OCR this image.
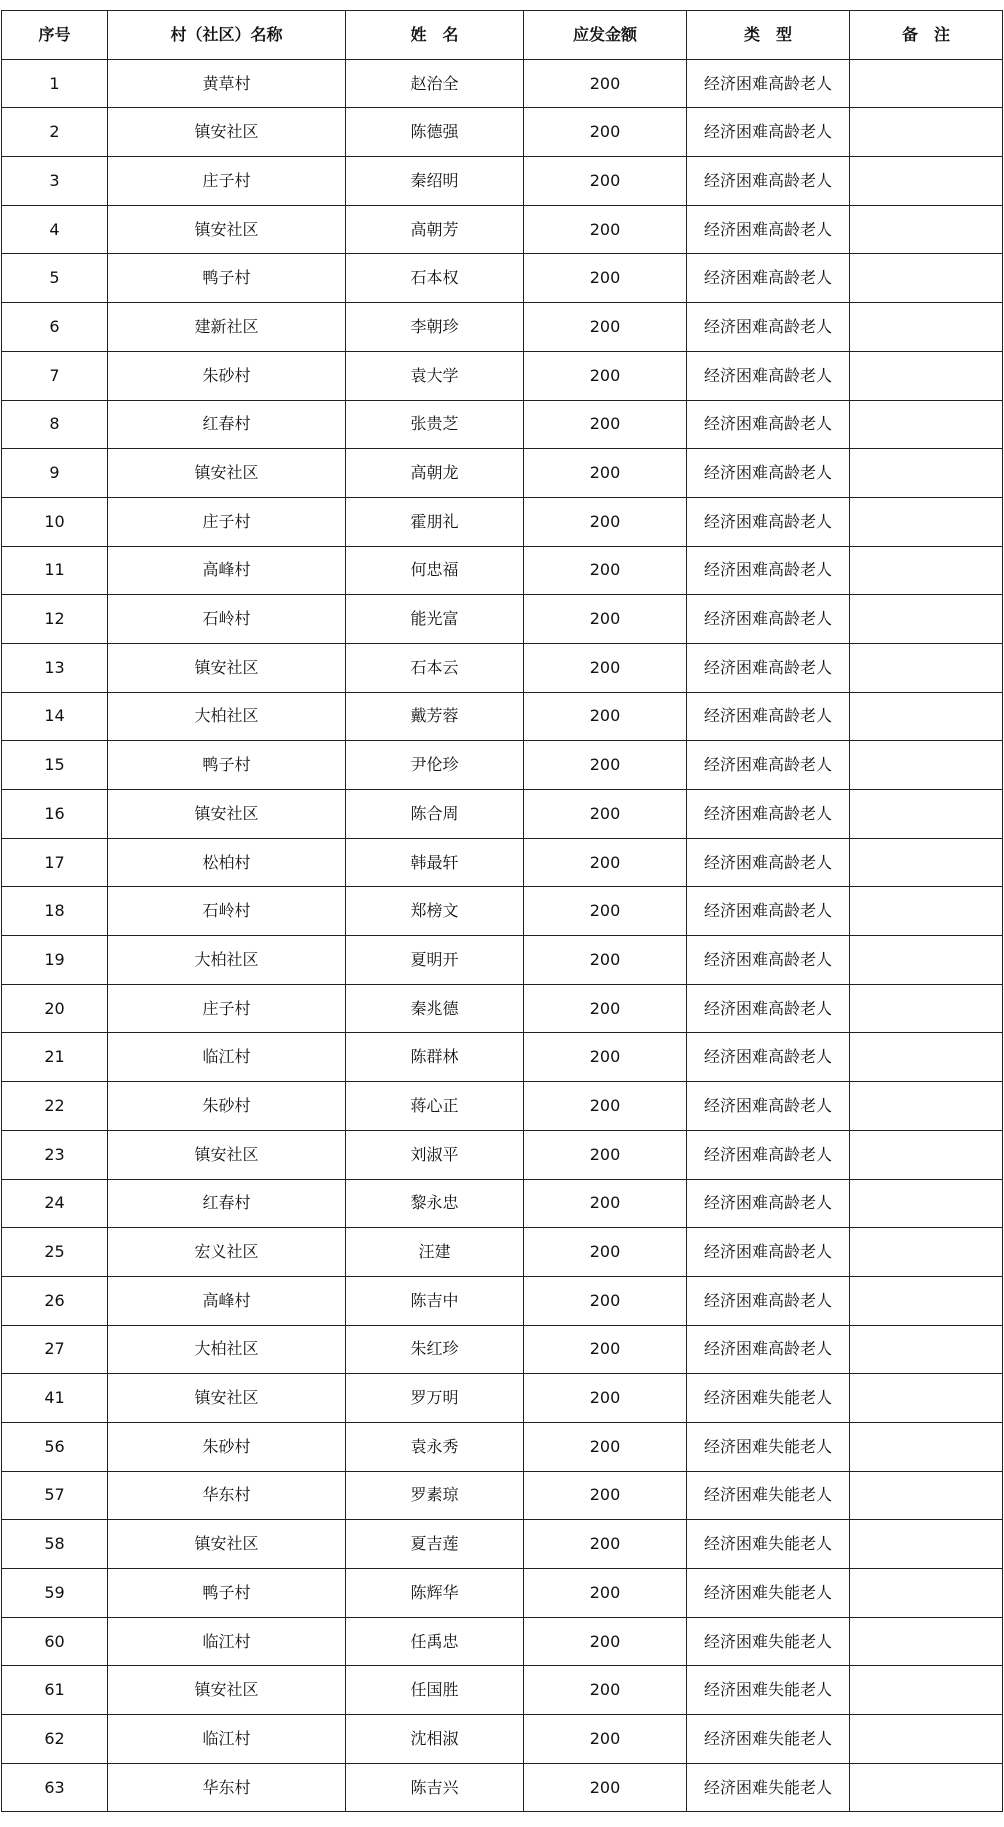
序号	村（社区）名称	姓　名	应发金额	类　型	备　注
1	黄草村	赵治全	200	经济困难高龄老人	
2	镇安社区	陈德强	200	经济困难高龄老人	
3	庄子村	秦绍明	200	经济困难高龄老人	
4	镇安社区	高朝芳	200	经济困难高龄老人	
5	鸭子村	石本权	200	经济困难高龄老人	
6	建新社区	李朝珍	200	经济困难高龄老人	
7	朱砂村	袁大学	200	经济困难高龄老人	
8	红春村	张贵芝	200	经济困难高龄老人	
9	镇安社区	高朝龙	200	经济困难高龄老人	
10	庄子村	霍朋礼	200	经济困难高龄老人	
11	高峰村	何忠福	200	经济困难高龄老人	
12	石岭村	能光富	200	经济困难高龄老人	
13	镇安社区	石本云	200	经济困难高龄老人	
14	大柏社区	戴芳蓉	200	经济困难高龄老人	
15	鸭子村	尹伦珍	200	经济困难高龄老人	
16	镇安社区	陈合周	200	经济困难高龄老人	
17	松柏村	韩最轩	200	经济困难高龄老人	
18	石岭村	郑榜文	200	经济困难高龄老人	
19	大柏社区	夏明开	200	经济困难高龄老人	
20	庄子村	秦兆德	200	经济困难高龄老人	
21	临江村	陈群林	200	经济困难高龄老人	
22	朱砂村	蒋心正	200	经济困难高龄老人	
23	镇安社区	刘淑平	200	经济困难高龄老人	
24	红春村	黎永忠	200	经济困难高龄老人	
25	宏义社区	汪建	200	经济困难高龄老人	
26	高峰村	陈吉中	200	经济困难高龄老人	
27	大柏社区	朱红珍	200	经济困难高龄老人	
41	镇安社区	罗万明	200	经济困难失能老人	
56	朱砂村	袁永秀	200	经济困难失能老人	
57	华东村	罗素琼	200	经济困难失能老人	
58	镇安社区	夏吉莲	200	经济困难失能老人	
59	鸭子村	陈辉华	200	经济困难失能老人	
60	临江村	任禹忠	200	经济困难失能老人	
61	镇安社区	任国胜	200	经济困难失能老人	
62	临江村	沈相淑	200	经济困难失能老人	
63	华东村	陈吉兴	200	经济困难失能老人	
